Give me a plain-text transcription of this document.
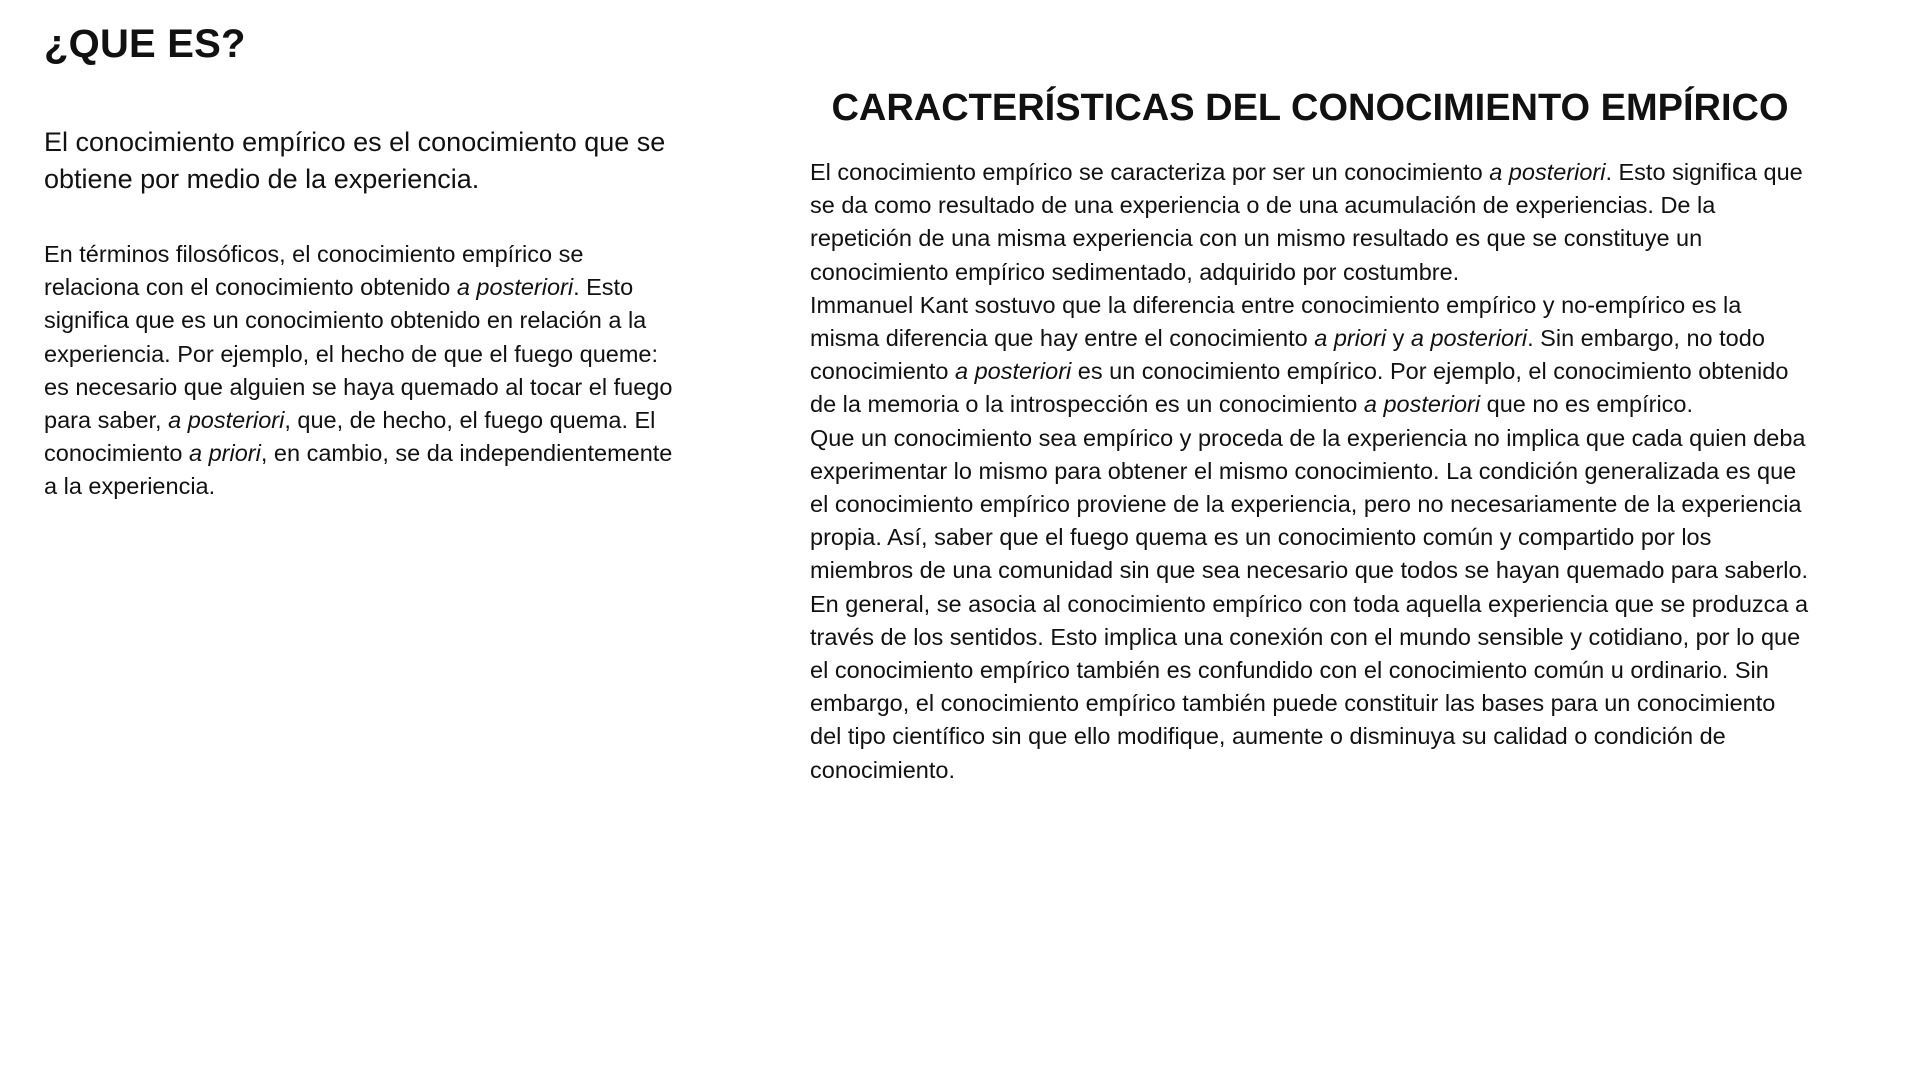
¿QUE ES?

El conocimiento empírico es el conocimiento que se obtiene por medio de la experiencia.

En términos filosóficos, el conocimiento empírico se relaciona con el conocimiento obtenido a posteriori. Esto significa que es un conocimiento obtenido en relación a la experiencia. Por ejemplo, el hecho de que el fuego queme: es necesario que alguien se haya quemado al tocar el fuego para saber, a posteriori, que, de hecho, el fuego quema. El conocimiento a priori, en cambio, se da independientemente a la experiencia.

CARACTERÍSTICAS DEL CONOCIMIENTO EMPÍRICO

El conocimiento empírico se caracteriza por ser un conocimiento a posteriori. Esto significa que se da como resultado de una experiencia o de una acumulación de experiencias. De la repetición de una misma experiencia con un mismo resultado es que se constituye un conocimiento empírico sedimentado, adquirido por costumbre.

Immanuel Kant sostuvo que la diferencia entre conocimiento empírico y no-empírico es la misma diferencia que hay entre el conocimiento a priori y a posteriori. Sin embargo, no todo conocimiento a posteriori es un conocimiento empírico. Por ejemplo, el conocimiento obtenido de la memoria o la introspección es un conocimiento a posteriori que no es empírico.

Que un conocimiento sea empírico y proceda de la experiencia no implica que cada quien deba experimentar lo mismo para obtener el mismo conocimiento. La condición generalizada es que el conocimiento empírico proviene de la experiencia, pero no necesariamente de la experiencia propia. Así, saber que el fuego quema es un conocimiento común y compartido por los miembros de una comunidad sin que sea necesario que todos se hayan quemado para saberlo.

En general, se asocia al conocimiento empírico con toda aquella experiencia que se produzca a través de los sentidos. Esto implica una conexión con el mundo sensible y cotidiano, por lo que el conocimiento empírico también es confundido con el conocimiento común u ordinario. Sin embargo, el conocimiento empírico también puede constituir las bases para un conocimiento del tipo científico sin que ello modifique, aumente o disminuya su calidad o condición de conocimiento.
